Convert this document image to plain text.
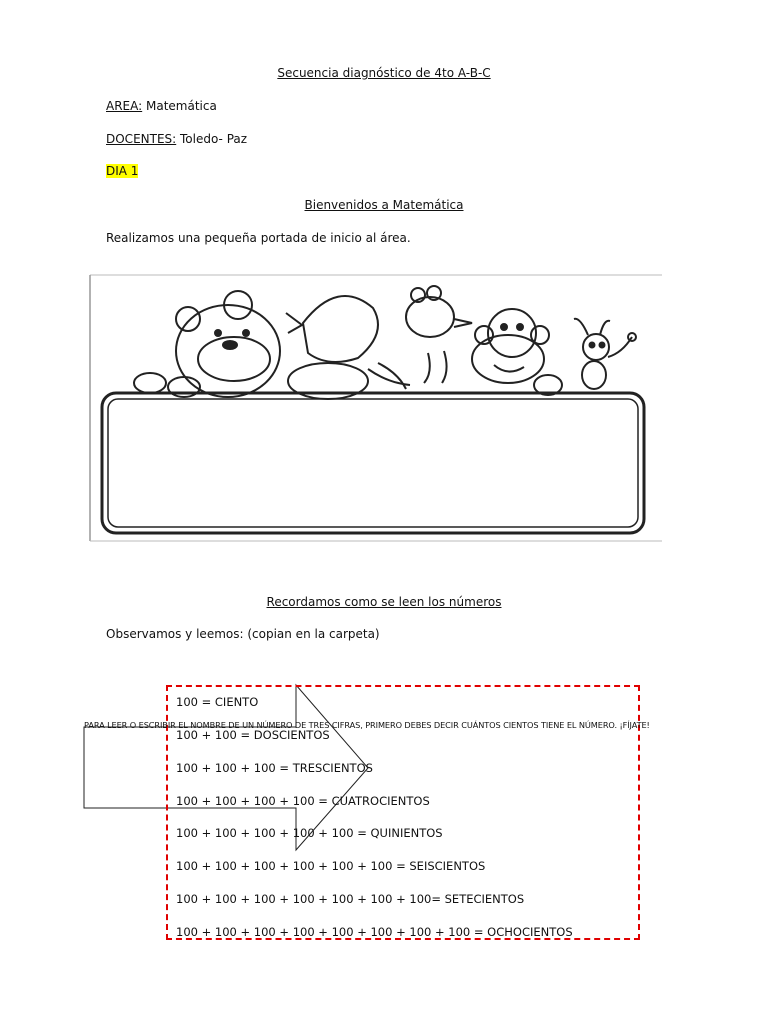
Secuencia diagnóstico de 4to A-B-C
AREA: Matemática
DOCENTES: Toledo- Paz
DIA 1
Bienvenidos a Matemática
Realizamos una pequeña portada de inicio al área.
Recordamos como se leen los números
Observamos y leemos: (copian en la carpeta)
100 = CIENTO
100 + 100 = DOSCIENTOS
100 + 100 + 100 = TRESCIENTOS
100 + 100 + 100 + 100 = CUATROCIENTOS
100 + 100 + 100 + 100 + 100 = QUINIENTOS
100 + 100 + 100 + 100 + 100 + 100 = SEISCIENTOS
100 + 100 + 100 + 100 + 100 + 100 + 100= SETECIENTOS
100 + 100 + 100 + 100 + 100 + 100 + 100 + 100 = OCHOCIENTOS
PARA LEER O ESCRIBIR EL NOMBRE DE UN NÚMERO DE TRES CIFRAS, PRIMERO DEBES DECIR CUÁNTOS CIENTOS TIENE EL NÚMERO. ¡FÍJATE!
